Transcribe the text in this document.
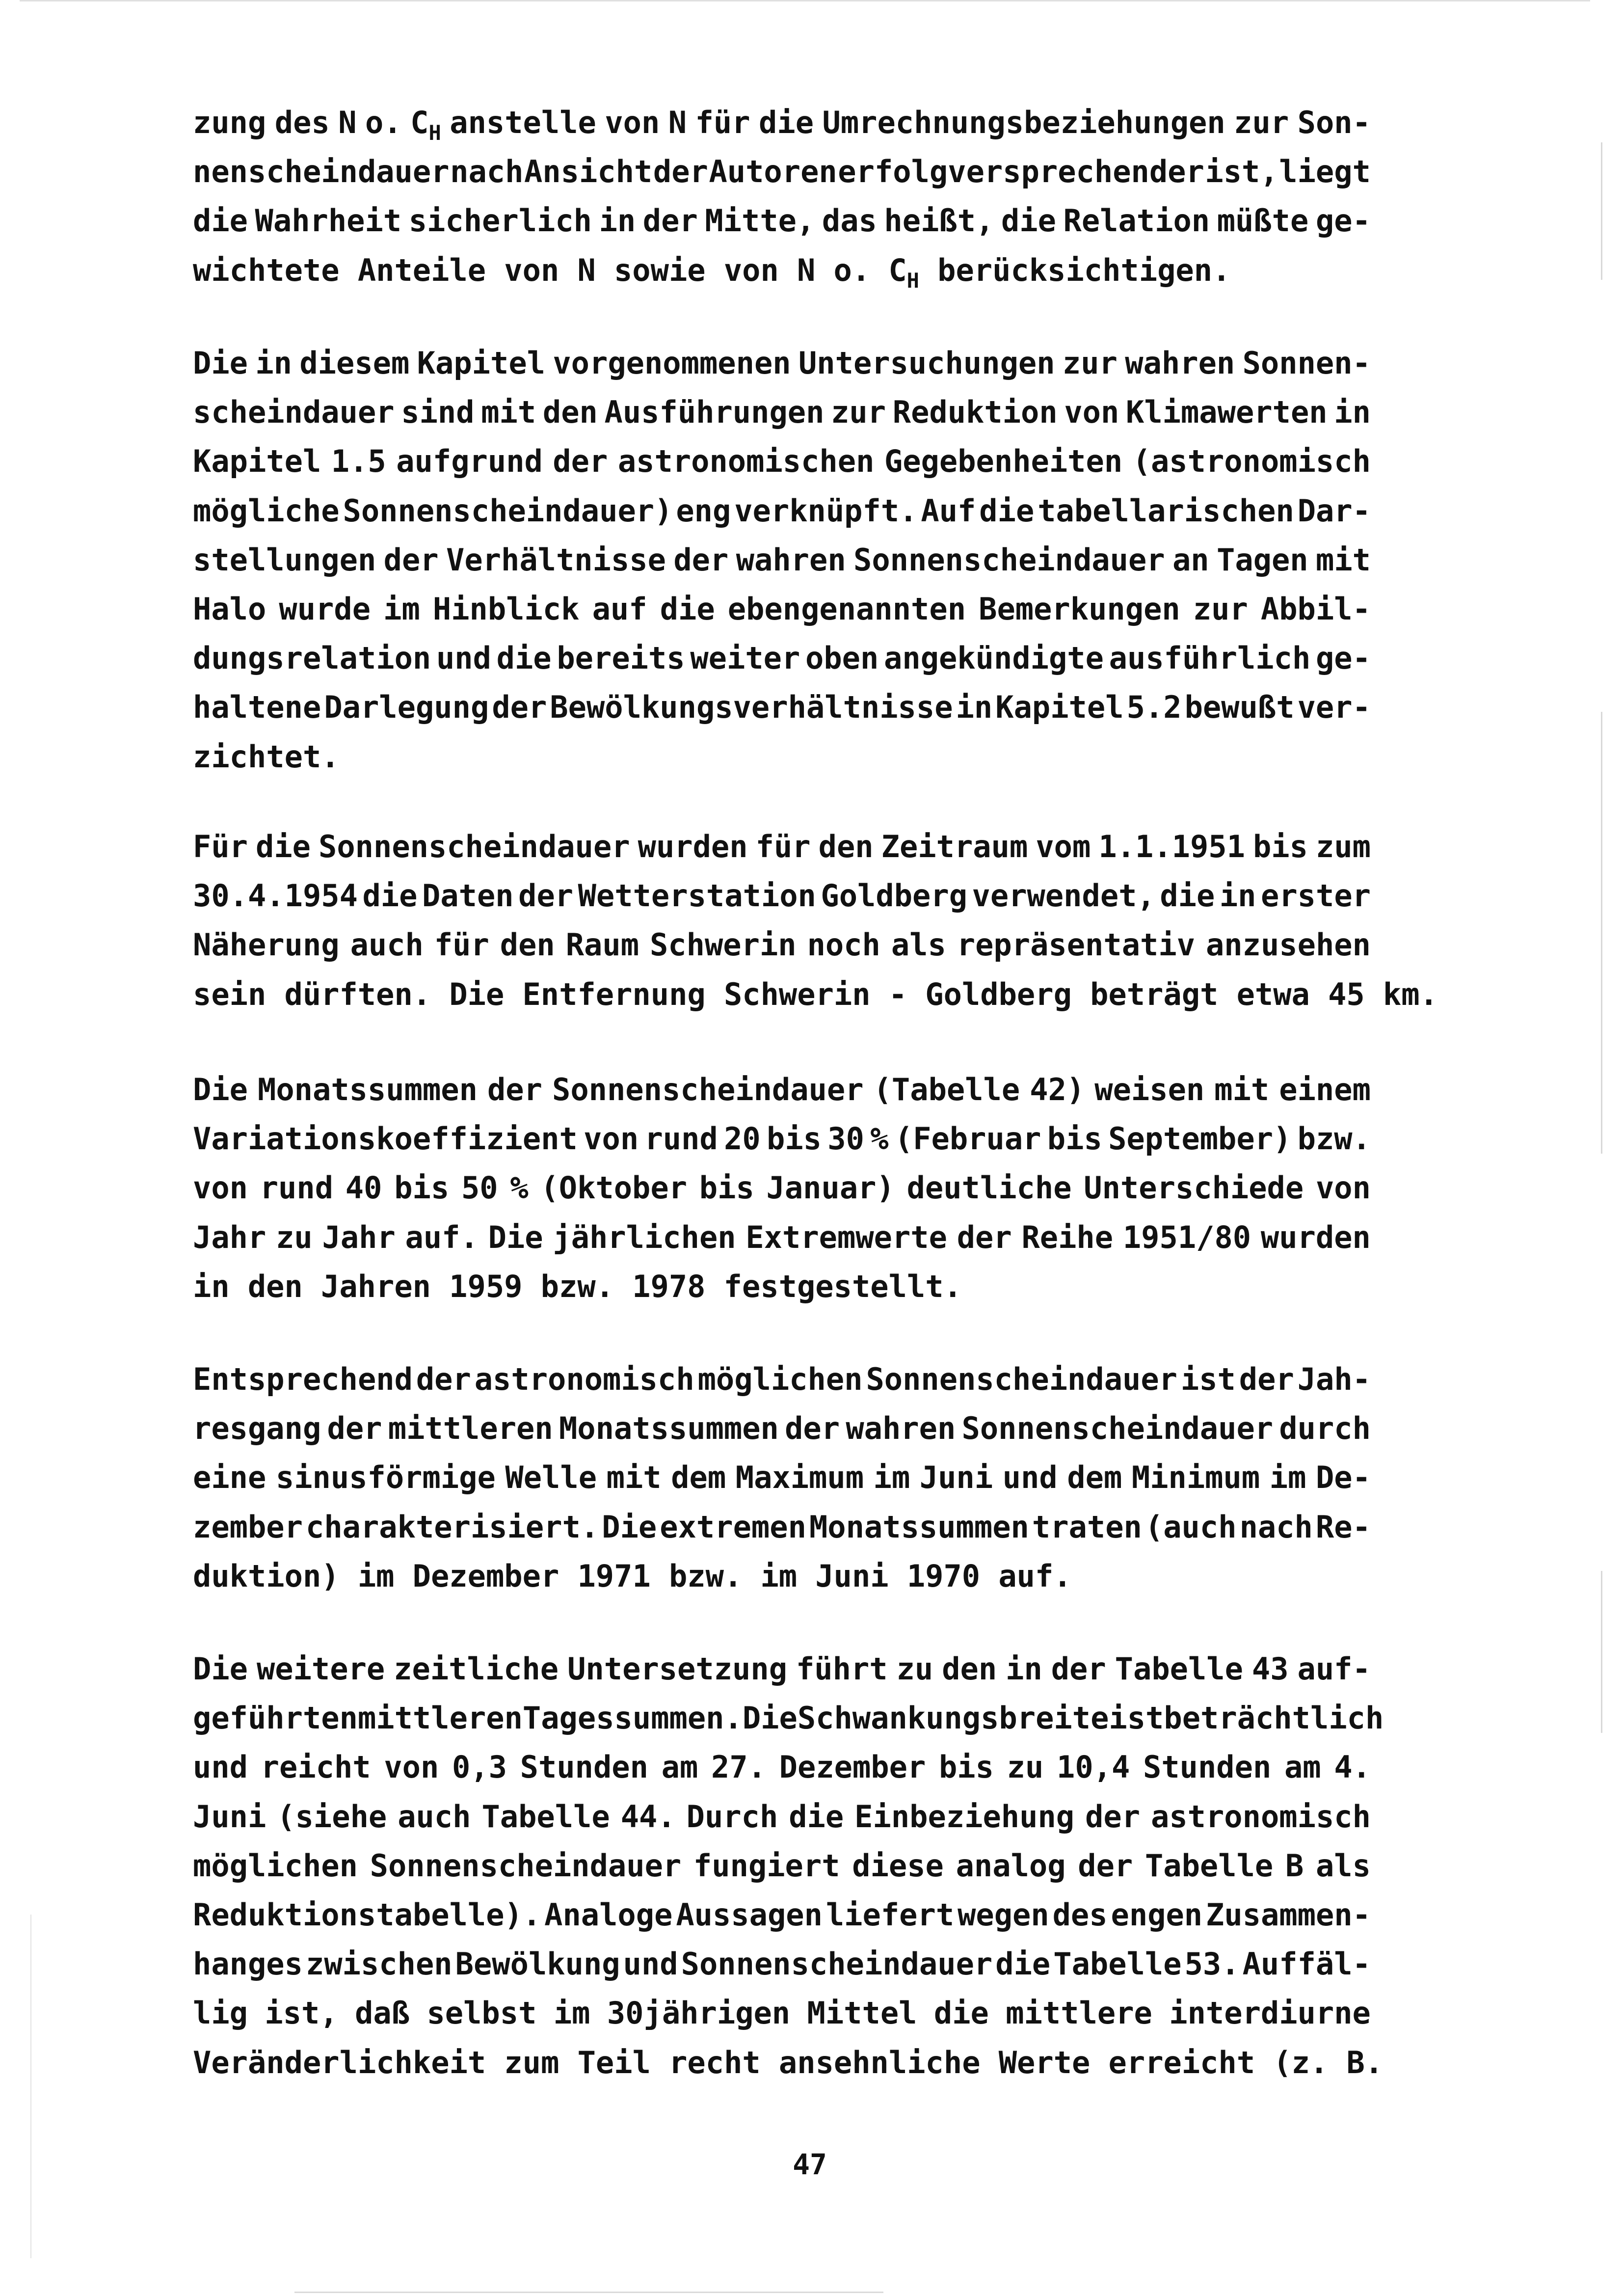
zung des N o. $C_H$ anstelle von N für die Umrechnungsbeziehungen zur Son-
nenscheindauer nach Ansicht der Autoren erfolgversprechender ist, liegt
die Wahrheit sicherlich in der Mitte, das heißt, die Relation müßte ge-
wichtete Anteile von N sowie von N o. $C_H$ berücksichtigen.
Die in diesem Kapitel vorgenommenen Untersuchungen zur wahren Sonnen-
scheindauer sind mit den Ausführungen zur Reduktion von Klimawerten in
Kapitel 1.5 aufgrund der astronomischen Gegebenheiten (astronomisch
mögliche Sonnenscheindauer) eng verknüpft. Auf die tabellarischen Dar-
stellungen der Verhältnisse der wahren Sonnenscheindauer an Tagen mit
Halo wurde im Hinblick auf die ebengenannten Bemerkungen zur Abbil-
dungsrelation und die bereits weiter oben angekündigte ausführlich ge-
haltene Darlegung der Bewölkungsverhältnisse in Kapitel 5.2 bewußt ver-
zichtet.
Für die Sonnenscheindauer wurden für den Zeitraum vom 1.1.1951 bis zum
30.4.1954 die Daten der Wetterstation Goldberg verwendet, die in erster
Näherung auch für den Raum Schwerin noch als repräsentativ anzusehen
sein dürften. Die Entfernung Schwerin - Goldberg beträgt etwa 45 km.
Die Monatssummen der Sonnenscheindauer (Tabelle 42) weisen mit einem
Variationskoeffizient von rund 20 bis 30 % (Februar bis September) bzw.
von rund 40 bis 50 % (Oktober bis Januar) deutliche Unterschiede von
Jahr zu Jahr auf. Die jährlichen Extremwerte der Reihe 1951/80 wurden
in den Jahren 1959 bzw. 1978 festgestellt.
Entsprechend der astronomisch möglichen Sonnenscheindauer ist der Jah-
resgang der mittleren Monatssummen der wahren Sonnenscheindauer durch
eine sinusförmige Welle mit dem Maximum im Juni und dem Minimum im De-
zember charakterisiert. Die extremen Monatssummen traten (auch nach Re-
duktion) im Dezember 1971 bzw. im Juni 1970 auf.
Die weitere zeitliche Untersetzung führt zu den in der Tabelle 43 auf-
geführten mittleren Tagessummen. Die Schwankungsbreite ist beträchtlich
und reicht von 0,3 Stunden am 27. Dezember bis zu 10,4 Stunden am 4.
Juni (siehe auch Tabelle 44. Durch die Einbeziehung der astronomisch
möglichen Sonnenscheindauer fungiert diese analog der Tabelle B als
Reduktionstabelle). Analoge Aussagen liefert wegen des engen Zusammen-
hanges zwischen Bewölkung und Sonnenscheindauer die Tabelle 53. Auffäl-
lig ist, daß selbst im 30jährigen Mittel die mittlere interdiurne
Veränderlichkeit zum Teil recht ansehnliche Werte erreicht (z. B.
47
